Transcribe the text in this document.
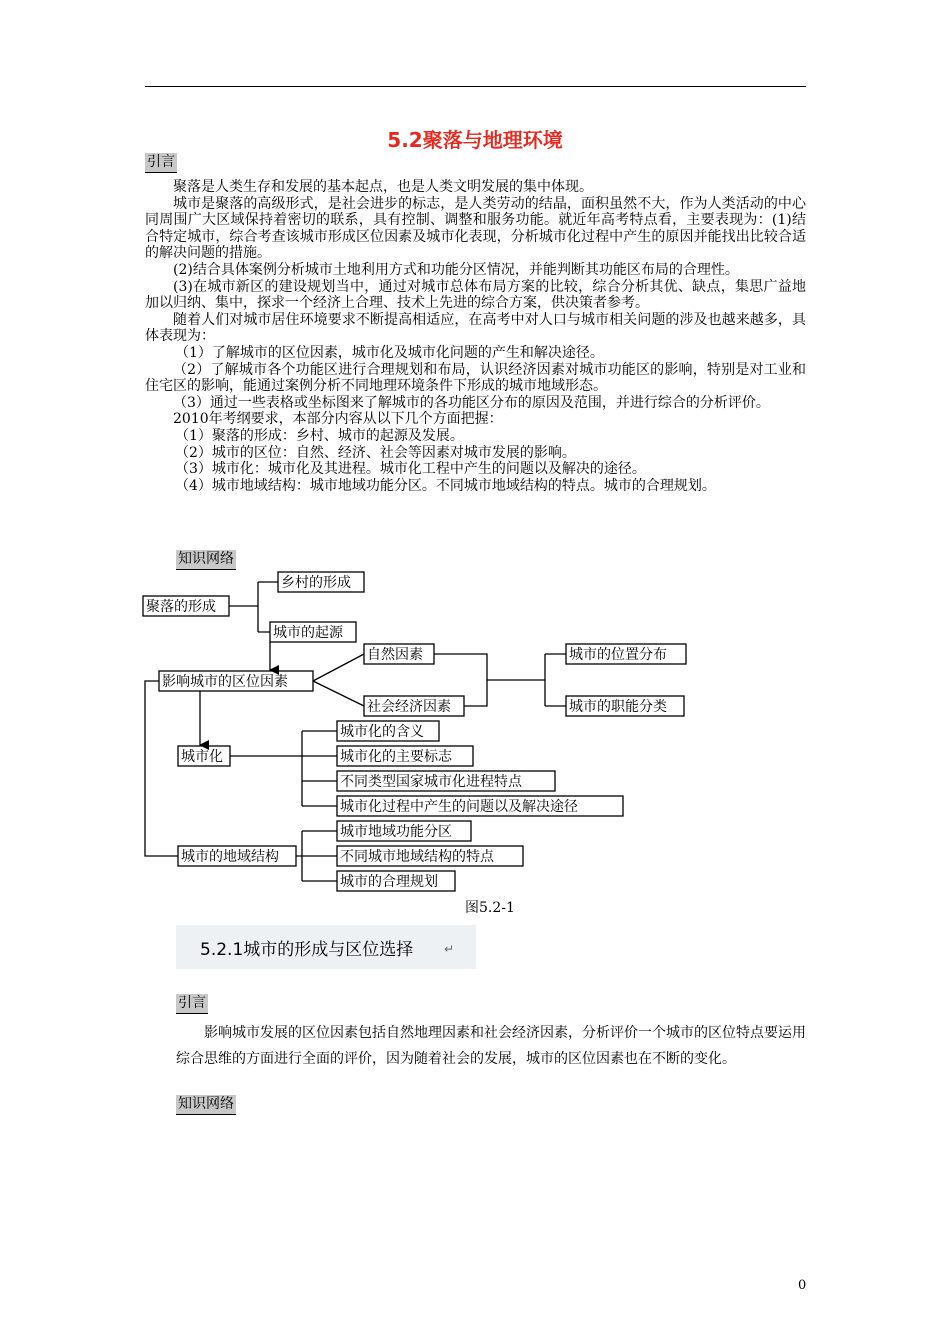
5.2聚落与地理环境
引言

聚落是人类生存和发展的基本起点，也是人类文明发展的集中体现。

城市是聚落的高级形式，是社会进步的标志，是人类劳动的结晶，面积虽然不大，作为人类活动的中心同周围广大区域保持着密切的联系，具有控制、调整和服务功能。就近年高考特点看，主要表现为：(1)结合特定城市，综合考查该城市形成区位因素及城市化表现，分析城市化过程中产生的原因并能找出比较合适的解决问题的措施。

(2)结合具体案例分析城市土地利用方式和功能分区情况，并能判断其功能区布局的合理性。

(3)在城市新区的建设规划当中，通过对城市总体布局方案的比较，综合分析其优、缺点，集思广益地加以归纳、集中，探求一个经济上合理、技术上先进的综合方案，供决策者参考。

随着人们对城市居住环境要求不断提高相适应，在高考中对人口与城市相关问题的涉及也越来越多，具体表现为：

（1）了解城市的区位因素，城市化及城市化问题的产生和解决途径。

（2）了解城市各个功能区进行合理规划和布局，认识经济因素对城市功能区的影响，特别是对工业和住宅区的影响，能通过案例分析不同地理环境条件下形成的城市地域形态。

（3）通过一些表格或坐标图来了解城市的各功能区分布的原因及范围，并进行综合的分析评价。

2010年考纲要求，本部分内容从以下几个方面把握：

（1）聚落的形成：乡村、城市的起源及发展。

（2）城市的区位：自然、经济、社会等因素对城市发展的影响。

（3）城市化：城市化及其进程。城市化工程中产生的问题以及解决的途径。

（4）城市地域结构：城市地域功能分区。不同城市地域结构的特点。城市的合理规划。

知识网络
聚落的形成
乡村的形成
城市的起源
影响城市的区位因素
自然因素
社会经济因素
城市的位置分布
城市的职能分类
城市化
城市化的含义
城市化的主要标志
不同类型国家城市化进程特点
城市化过程中产生的问题以及解决途径
城市的地域结构
城市地域功能分区
不同城市地域结构的特点
城市的合理规划
图5.2-1
5.2.1城市的形成与区位选择	↵
引言

影响城市发展的区位因素包括自然地理因素和社会经济因素，分析评价一个城市的区位特点要运用综合思维的方面进行全面的评价，因为随着社会的发展，城市的区位因素也在不断的变化。

知识网络
0
